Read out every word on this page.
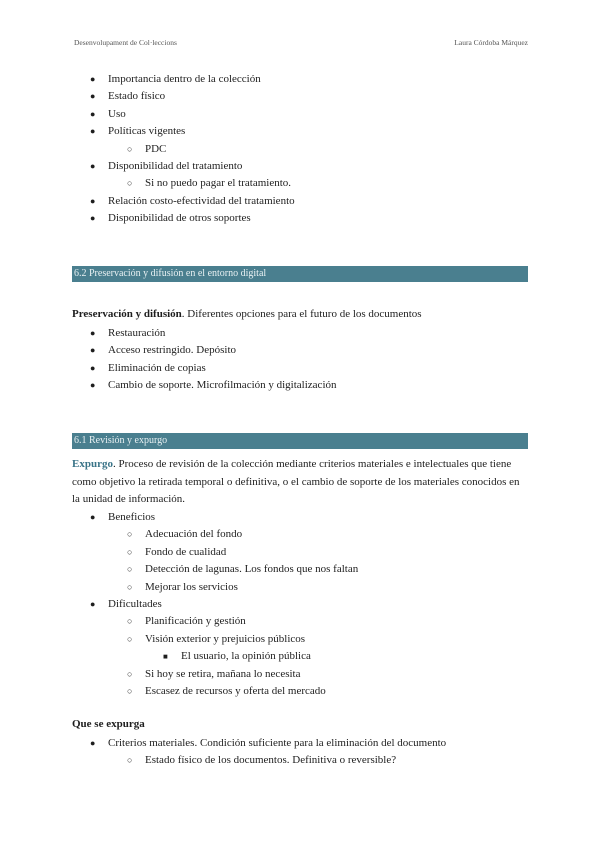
Desenvolupament de Col·leccions	Laura Córdoba Márquez
●
Importancia dentro de la colección
●
Estado físico
●
Uso
●
Políticas vigentes
○
PDC
●
Disponibilidad del tratamiento
○
Si no puedo pagar el tratamiento.
●
Relación costo-efectividad del tratamiento
●
Disponibilidad de otros soportes
6.2 Preservación y difusión en el entorno digital
Preservación y difusión. Diferentes opciones para el futuro de los documentos
●
Restauración
●
Acceso restringido. Depósito
●
Eliminación de copias
●
Cambio de soporte. Microfilmación y digitalización
6.1 Revisión y expurgo
Expurgo. Proceso de revisión de la colección mediante criterios materiales e intelectuales que tiene
como objetivo la retirada temporal o definitiva, o el cambio de soporte de los materiales conocidos en
la unidad de información.
●
Beneficios
○
Adecuación del fondo
○
Fondo de cualidad
○
Detección de lagunas. Los fondos que nos faltan
○
Mejorar los servicios
●
Dificultades
○
Planificación y gestión
○
Visión exterior y prejuicios públicos
■
El usuario, la opinión pública
○
Si hoy se retira, mañana lo necesita
○
Escasez de recursos y oferta del mercado
Que se expurga
●
Criterios materiales. Condición suficiente para la eliminación del documento
○
Estado físico de los documentos. Definitiva o reversible?
